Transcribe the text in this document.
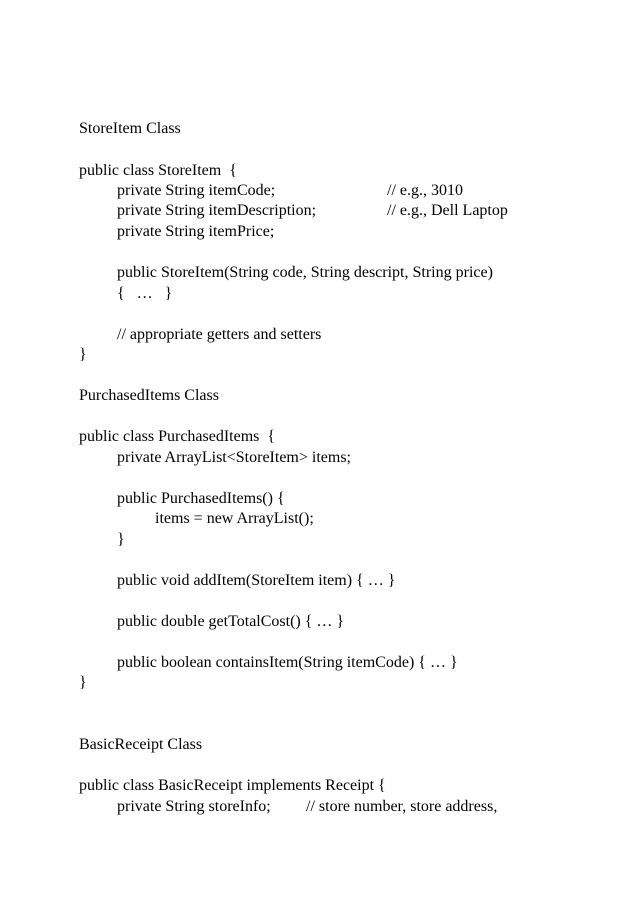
StoreItem Class
public class StoreItem  {
private String itemCode;	// e.g., 3010
private String itemDescription;	// e.g., Dell Laptop
private String itemPrice;
public StoreItem(String code, String descript, String price)
{   …   }
// appropriate getters and setters
}
PurchasedItems Class
public class PurchasedItems  {
private ArrayList<StoreItem> items;
public PurchasedItems() {
items = new ArrayList();
}
public void addItem(StoreItem item) { … }
public double getTotalCost() { … }
public boolean containsItem(String itemCode) { … }
}
BasicReceipt Class
public class BasicReceipt implements Receipt {
private String storeInfo; // store number, store address,
